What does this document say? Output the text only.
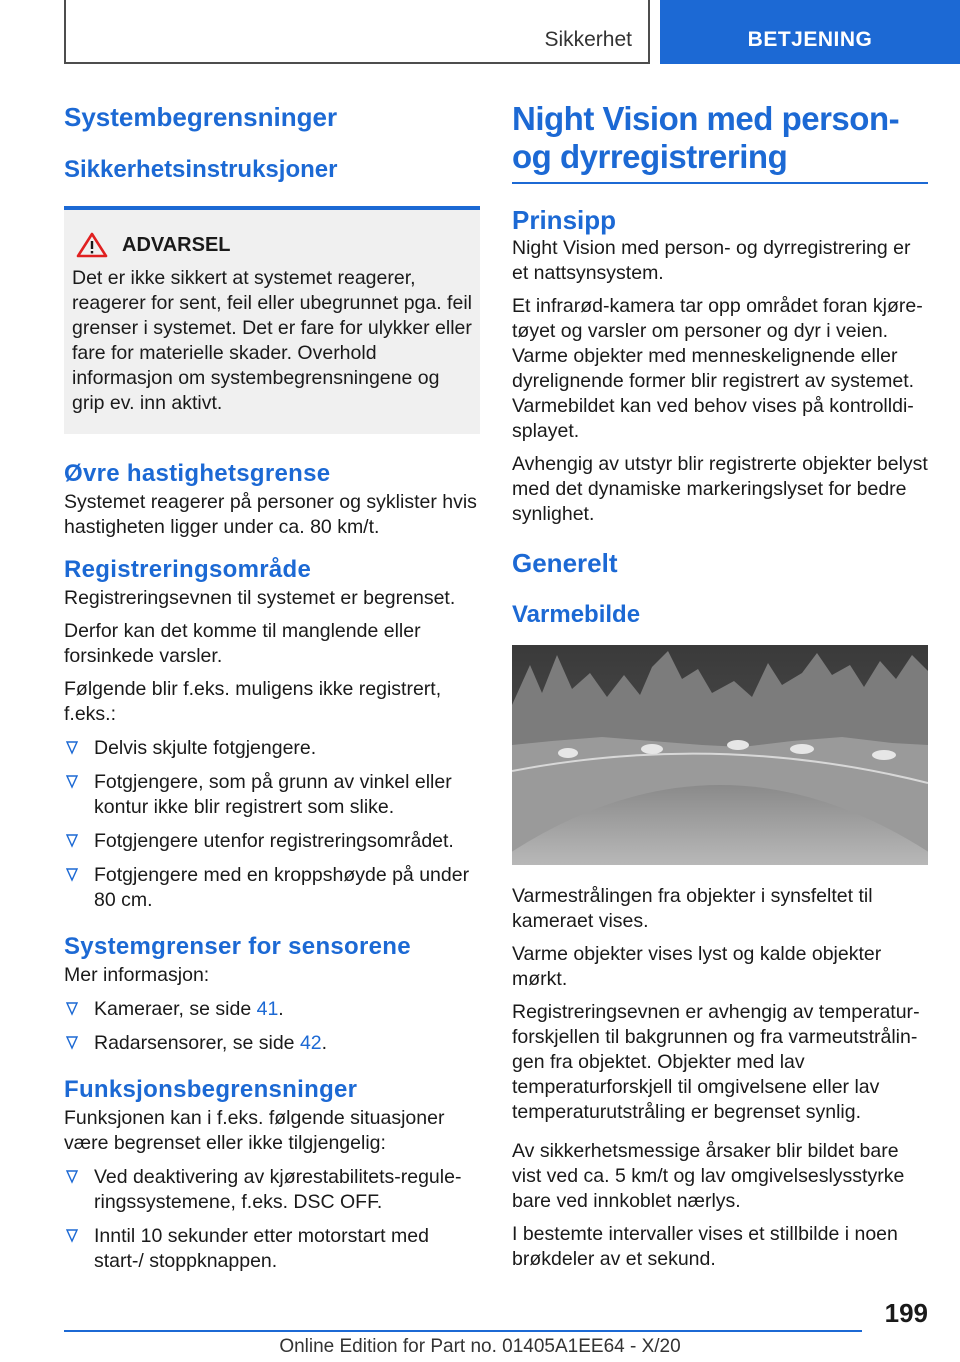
Sikkerhet	BETJENING
Systembegrensninger
Sikkerhetsinstruksjoner
ADVARSEL

Det er ikke sikkert at systemet reagerer, reagerer for sent, feil eller ubegrunnet pga. feil grenser i systemet. Det er fare for ulykker eller fare for materielle skader. Overhold informasjon om systembegrensningene og grip ev. inn aktivt.

Øvre hastighetsgrense

Systemet reagerer på personer og syklister hvis hastigheten ligger under ca. 80 km/t.

Registreringsområde

Registreringsevnen til systemet er begrenset.

Derfor kan det komme til manglende eller forsinkede varsler.

Følgende blir f.eks. muligens ikke registrert, f.eks.:

Delvis skjulte fotgjengere.
Fotgjengere, som på grunn av vinkel eller kontur ikke blir registrert som slike.
Fotgjengere utenfor registreringsområdet.
Fotgjengere med en kroppshøyde på under 80 cm.
Systemgrenser for sensorene

Mer informasjon:

Kameraer, se side 41.
Radarsensorer, se side 42.
Funksjonsbegrensninger

Funksjonen kan i f.eks. følgende situasjoner være begrenset eller ikke tilgjengelig:

Ved deaktivering av kjørestabilitets-reguleringssystemene, f.eks. DSC OFF.
Inntil 10 sekunder etter motorstart med start-/ stoppknappen.
Night Vision med person-
og dyrregistrering
Prinsipp

Night Vision med person- og dyrregistrering er et nattsynsystem.

Et infrarød-kamera tar opp området foran kjøretøyet og varsler om personer og dyr i veien. Varme objekter med menneskelignende eller dyrelignende former blir registrert av systemet. Varmebildet kan ved behov vises på kontrolldisplayet.

Avhengig av utstyr blir registrerte objekter belyst med det dynamiske markeringslyset for bedre synlighet.

Generelt
Varmebilde

Varmestrålingen fra objekter i synsfeltet til kameraet vises.

Varme objekter vises lyst og kalde objekter mørkt.

Registreringsevnen er avhengig av temperaturforskjellen til bakgrunnen og fra varmeutstrålingen fra objektet. Objekter med lav temperaturforskjell til omgivelsene eller lav temperaturutstråling er begrenset synlig.

Av sikkerhetsmessige årsaker blir bildet bare vist ved ca. 5 km/t og lav omgivelseslysstyrke bare ved innkoblet nærlys.

I bestemte intervaller vises et stillbilde i noen brøkdeler av et sekund.

199
Online Edition for Part no. 01405A1EE64 - X/20
